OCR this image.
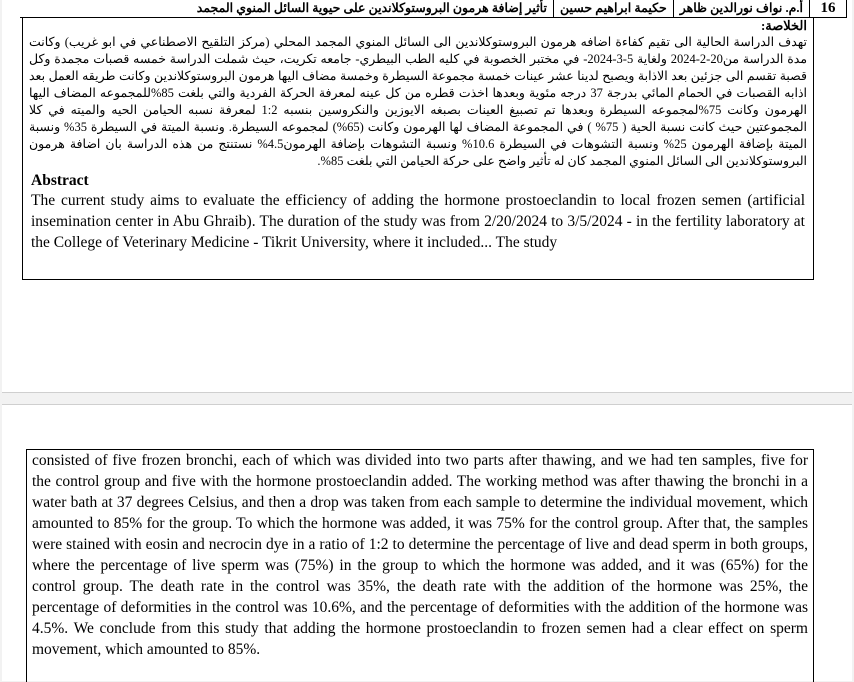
16
أ.م. نواف نورالدين ظاهر
حكيمة ابراهيم حسين
تأثير إضافة هرمون البروستوكلاندين على حيوية السائل المنوي المجمد
الخلاصة:
تهدف الدراسة الحالية الى تقيم كفاءة اضافه هرمون البروستوكلاندين الى السائل المنوي المجمد المحلي (مركز التلقيح الاصطناعي في ابو غريب) وكانت مدة الدراسة من20-2-2024 ولغاية 5-3-2024- في مختبر الخصوبة في كليه الطب البيطري- جامعه تكريت، حيث شملت الدراسة خمسه قصبات مجمدة وكل قصبة تقسم الى جزئين بعد الاذابة ويصبح لدينا عشر عينات خمسة مجموعة السيطرة وخمسة مضاف اليها هرمون البروستوكلاندين وكانت طريقه العمل بعد اذابه القصبات في الحمام المائي بدرجة 37 درجه مئوية وبعدها اخذت قطره من كل عينه لمعرفة الحركة الفردية والتي بلغت 85%للمجموعه المضاف اليها الهرمون وكانت 75%لمجموعه السيطرة وبعدها تم تصبيغ العينات بصبغه الايوزين والنكروسين بنسبه 1:2 لمعرفة نسبه الحيامن الحيه والميته في كلا المجموعتين حيث كانت نسبة الحية ( 75% ) في المجموعة المضاف لها الهرمون وكانت (65%) لمجموعه السيطرة. ونسبة الميتة في السيطرة 35% ونسبة الميتة بإضافة الهرمون 25% ونسبة التشوهات في السيطرة 10.6% ونسبة التشوهات بإضافة الهرمون4.5% نستنتج من هذه الدراسة بان اضافة هرمون البروستوكلاندين الى السائل المنوي المجمد كان له تأثير واضح على حركة الحيامن التي بلغت 85%.
Abstract
The current study aims to evaluate the efficiency of adding the hormone prostoeclandin to local frozen semen (artificial insemination center in Abu Ghraib). The duration of the study was from 2/20/2024 to 3/5/2024 - in the fertility laboratory at the College of Veterinary Medicine - Tikrit University, where it included... The study
consisted of five frozen bronchi, each of which was divided into two parts after thawing, and we had ten samples, five for the control group and five with the hormone prostoeclandin added. The working method was after thawing the bronchi in a water bath at 37 degrees Celsius, and then a drop was taken from each sample to determine the individual movement, which amounted to 85% for the group. To which the hormone was added, it was 75% for the control group. After that, the samples were stained with eosin and necrocin dye in a ratio of 1:2 to determine the percentage of live and dead sperm in both groups, where the percentage of live sperm was (75%) in the group to which the hormone was added, and it was (65%) for the control group. The death rate in the control was 35%, the death rate with the addition of the hormone was 25%, the percentage of deformities in the control was 10.6%, and the percentage of deformities with the addition of the hormone was 4.5%. We conclude from this study that adding the hormone prostoeclandin to frozen semen had a clear effect on sperm movement, which amounted to 85%.
